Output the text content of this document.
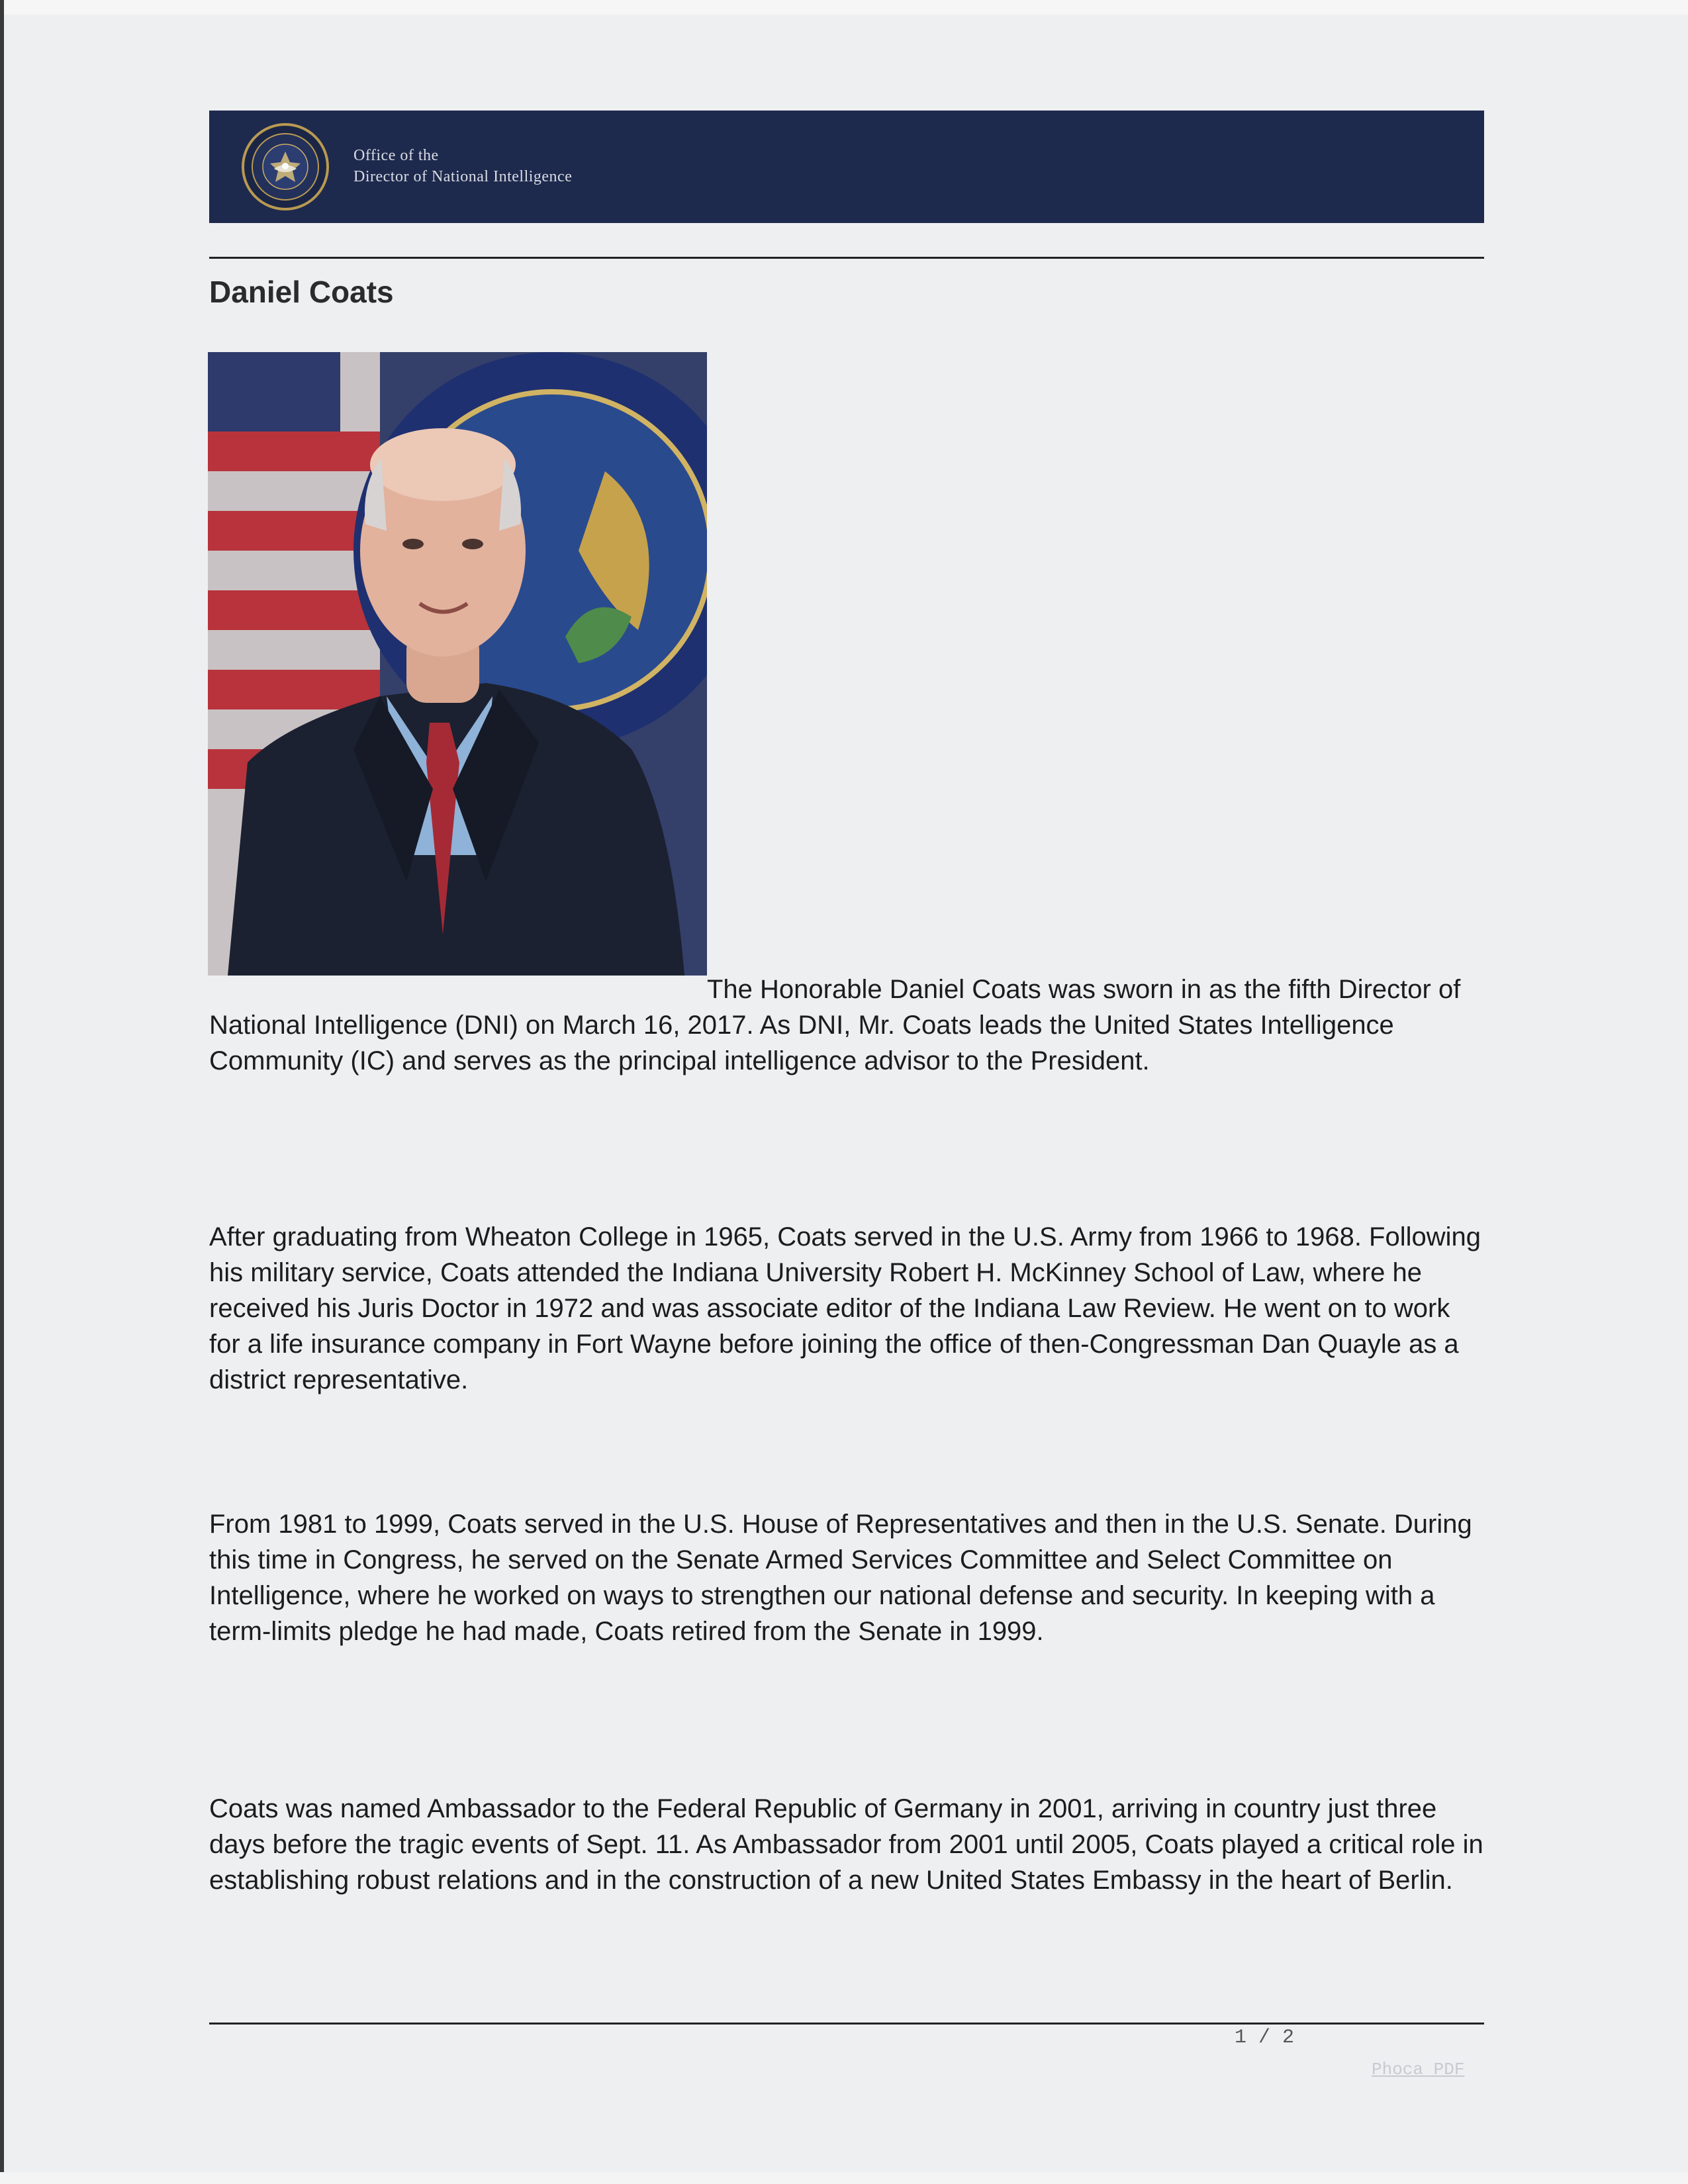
Office of the
Director of National Intelligence
Daniel Coats

The Honorable Daniel Coats was sworn in as the fifth Director of National Intelligence (DNI) on March 16, 2017. As DNI, Mr. Coats leads the United States Intelligence Community (IC) and serves as the principal intelligence advisor to the President.

After graduating from Wheaton College in 1965, Coats served in the U.S. Army from 1966 to 1968. Following his military service, Coats attended the Indiana University Robert H. McKinney School of Law, where he received his Juris Doctor in 1972 and was associate editor of the Indiana Law Review. He went on to work for a life insurance company in Fort Wayne before joining the office of then-Congressman Dan Quayle as a district representative.

From 1981 to 1999, Coats served in the U.S. House of Representatives and then in the U.S. Senate. During this time in Congress, he served on the Senate Armed Services Committee and Select Committee on Intelligence, where he worked on ways to strengthen our national defense and security. In keeping with a term-limits pledge he had made, Coats retired from the Senate in 1999.

Coats was named Ambassador to the Federal Republic of Germany in 2001, arriving in country just three days before the tragic events of Sept. 11. As Ambassador from 2001 until 2005, Coats played a critical role in establishing robust relations and in the construction of a new United States Embassy in the heart of Berlin.

1 / 2
Phoca PDF
